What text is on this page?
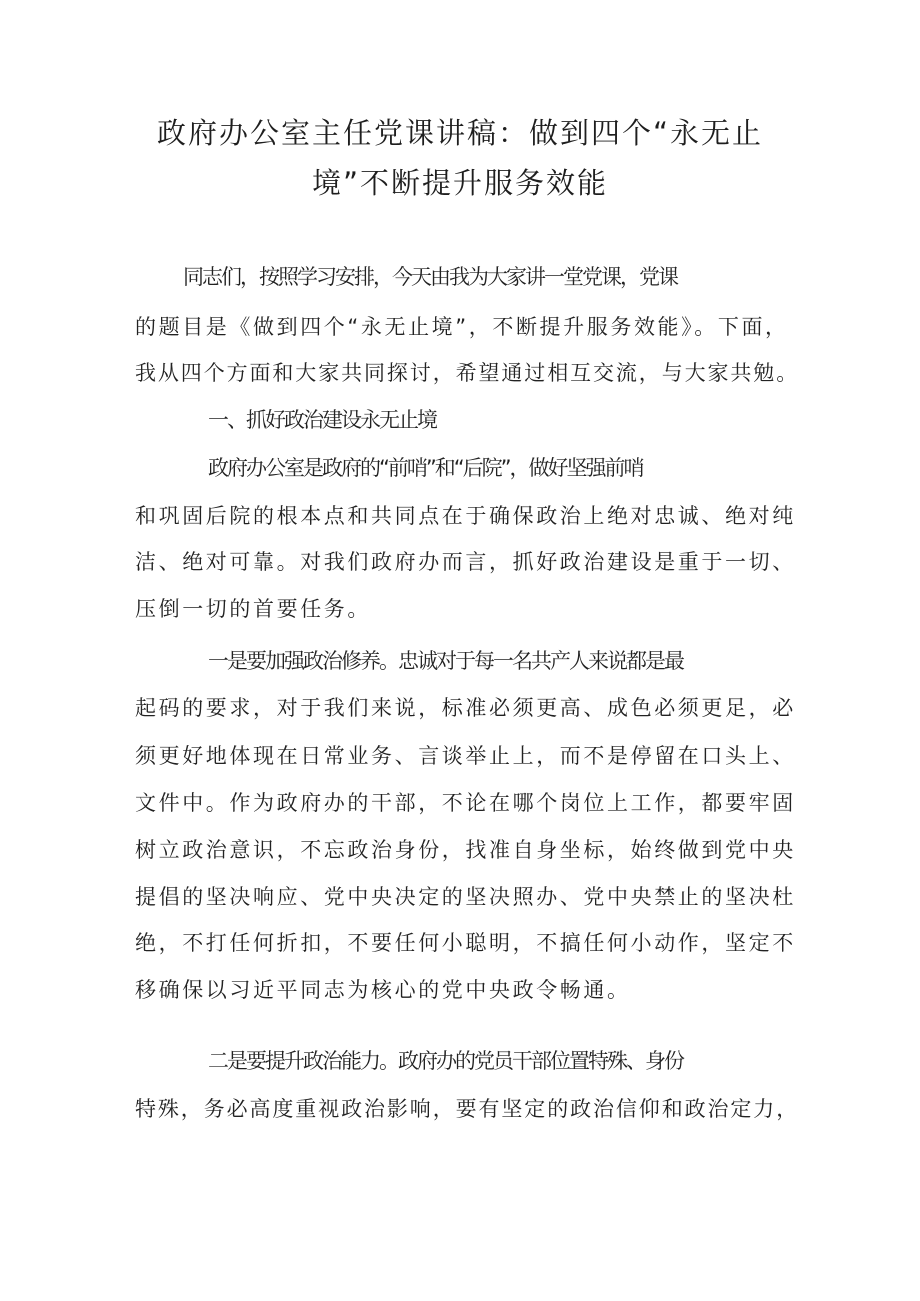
政府办公室主任党课讲稿：做到四个“永无止
境”不断提升服务效能
同志们，按照学习安排，今天由我为大家讲一堂党课，党课
的题目是《做到四个“永无止境”，不断提升服务效能》。下面，
我从四个方面和大家共同探讨，希望通过相互交流，与大家共勉。
一、抓好政治建设永无止境
政府办公室是政府的“前哨”和“后院”，做好坚强前哨
和巩固后院的根本点和共同点在于确保政治上绝对忠诚、绝对纯
洁、绝对可靠。对我们政府办而言，抓好政治建设是重于一切、
压倒一切的首要任务。
一是要加强政治修养。忠诚对于每一名共产人来说都是最
起码的要求，对于我们来说，标准必须更高、成色必须更足，必
须更好地体现在日常业务、言谈举止上，而不是停留在口头上、
文件中。作为政府办的干部，不论在哪个岗位上工作，都要牢固
树立政治意识，不忘政治身份，找准自身坐标，始终做到党中央
提倡的坚决响应、党中央决定的坚决照办、党中央禁止的坚决杜
绝，不打任何折扣，不要任何小聪明，不搞任何小动作，坚定不
移确保以习近平同志为核心的党中央政令畅通。
二是要提升政治能力。政府办的党员干部位置特殊、身份
特殊，务必高度重视政治影响，要有坚定的政治信仰和政治定力，
